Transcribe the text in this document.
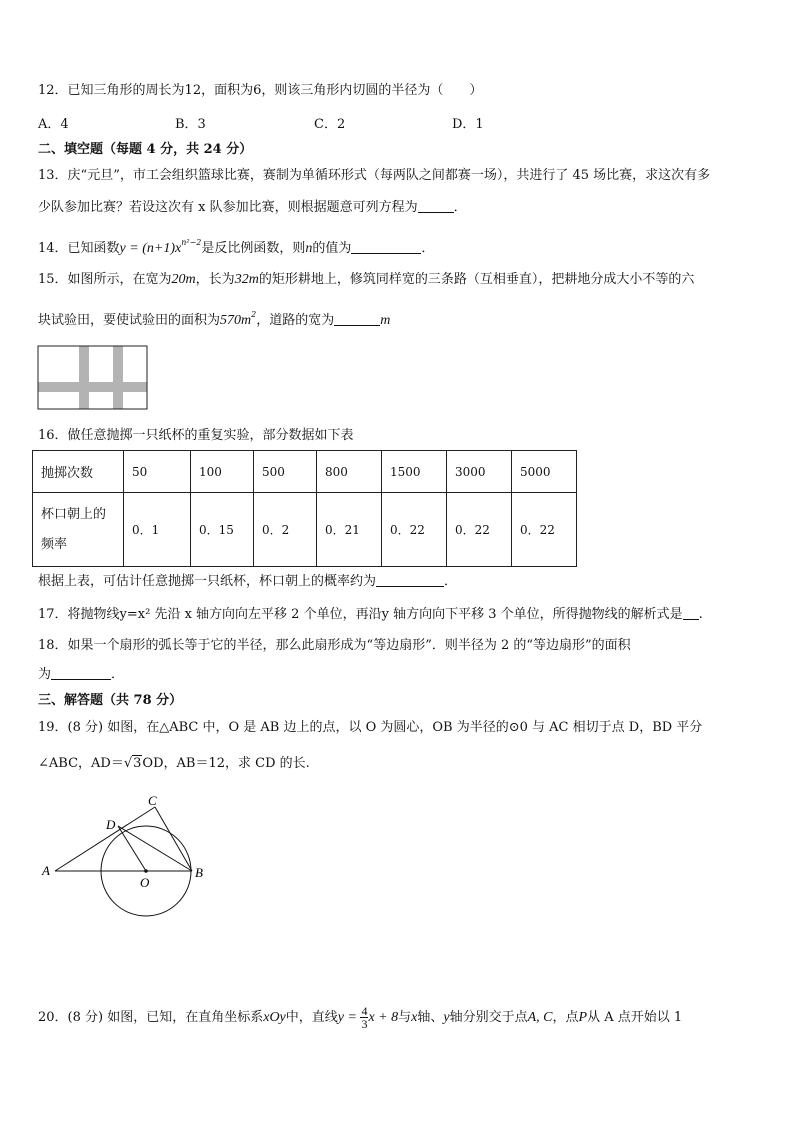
12．已知三角形的周长为12，面积为6，则该三角形内切圆的半径为（　　）
A．4	B．3	C．2	D．1
二、填空题（每题 4 分，共 24 分）
13．庆“元旦”，市工会组织篮球比赛，赛制为单循环形式（每两队之间都赛一场），共进行了 45 场比赛，求这次有多
少队参加比赛？若设这次有 x 队参加比赛，则根据题意可列方程为	．
14．已知函数$y = (n+1)x^{n^2-2}$是反比例函数，则n的值为	．
15．如图所示，在宽为20m，长为32m的矩形耕地上，修筑同样宽的三条路（互相垂直），把耕地分成大小不等的六
块试验田，要使试验田的面积为$570m^2$，道路的宽为	m
16．做任意抛掷一只纸杯的重复实验，部分数据如下表
抛掷次数	50	100	500	800	1500	3000	5000

杯口朝上的
频率	0．1	0．15	0．2	0．21	0．22	0．22	0．22
根据上表，可估计任意抛掷一只纸杯，杯口朝上的概率约为	．
17．将抛物线y=x² 先沿 x 轴方向向左平移 2 个单位，再沿y 轴方向向下平移 3 个单位，所得抛物线的解析式是 .
18．如果一个扇形的弧长等于它的半径，那么此扇形成为“等边扇形”．则半径为 2 的“等边扇形”的面积
为	．
三、解答题（共 78 分）
19．(8 分) 如图，在△ABC 中，O 是 AB 边上的点，以 O 为圆心，OB 为半径的⊙0 与 AC 相切于点 D，BD 平分
∠ABC，AD＝√3OD，AB＝12，求 CD 的长.
A	B
C
D
O
20．(8 分) 如图，已知，在直角坐标系xOy中，直线$y = \frac{4}{3}$ x + 8与x轴、y轴分别交于点A, C，点P从 A 点开始以 1
